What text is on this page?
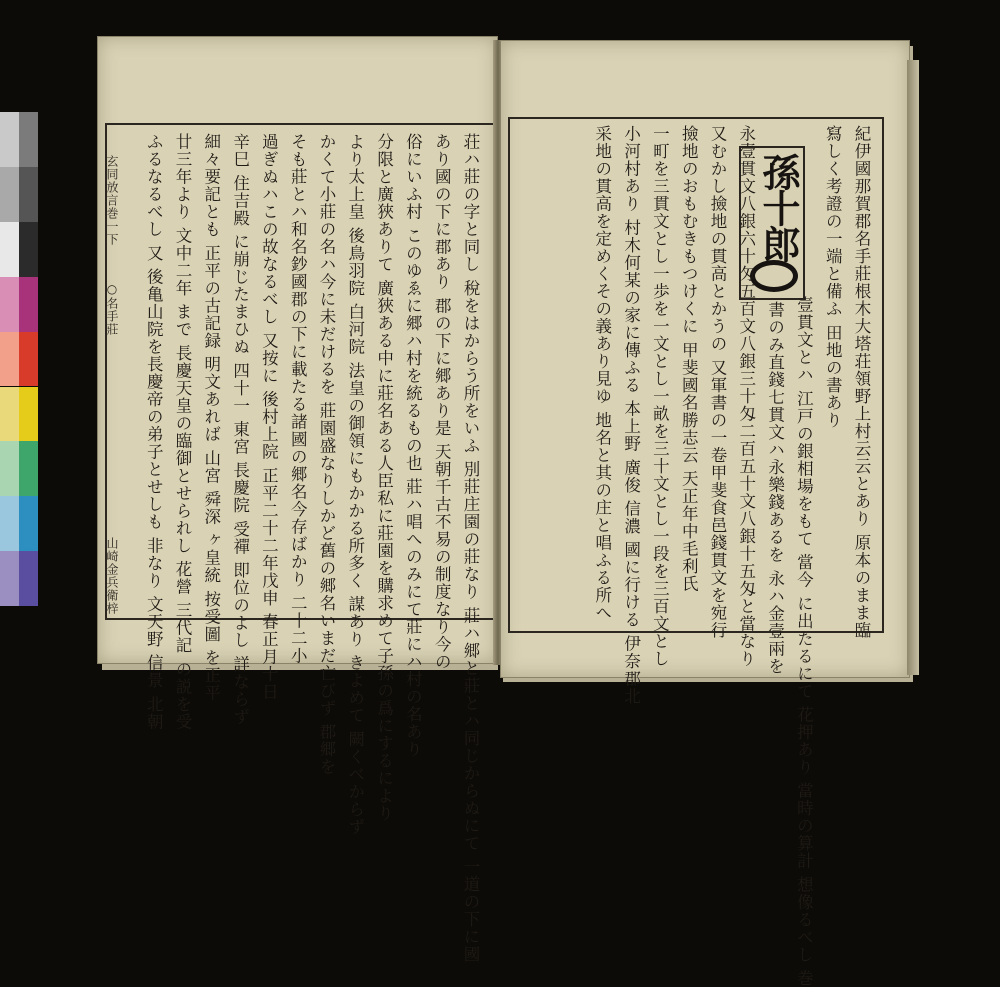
玄同放言巻一下
○名手莊
山崎金兵衛梓	荘ハ莊の字と同し 稅をはからう所をいふ 別莊庄園の莊なり 莊ハ郷と莊とハ同じからぬにて 一道の下に國
あり國の下に郡あり 郡の下に郷あり是 天朝千古不易の制度なり今の
俗にいふ村 このゆゑに郷ハ村を統るもの也 莊ハ唱へのみにて莊にハ村の名あり
分限と廣狹ありて 廣狹ある中に莊名ある人臣私に莊園を購求めて子孫の爲にするにより
より太上皇 後鳥羽院 白河院 法皇の御領にもかかる所多く 謀あり きよめて 闕くべからず
かくて小莊の名ハ今に未だけるを 莊園盛なりしかど舊の郷名いまだ亡びず 郡郷を
そも莊とハ和名鈔國郡の下に載たる諸國の郷名今存ばかり 二十二小
過ぎぬハこの故なるべし 又按に 後村上院 正平二十二年戊申 春正月十日
辛巳 住吉殿 に崩じたまひぬ 四十一 東宮 長慶院 受禪 即位のよし 詳ならず
細々要記とも 正平の古記録 明文あれば 山宮 舜深 ヶ皇統 按受圖 を正平
廿三年より 文中二年 まで 長慶天皇の臨御とせられし 花營 三代記 の説を受
ふるなるべし 又 後亀山院を長慶帝の弟子とせしも 非なり 文天野 信景 北朝	孫十郎	紀伊國那賀郡名手莊根木大塔荘領野上村云云とあり 原本のまま臨
寫しく考證の一端と備ふ 田地の書あり
永壹貫文八銀六十匁五百文八銀三十匁二百五十文八銀十五匁と當なり
又むかし撿地の貫高とかうの 又軍書の一卷甲斐食邑錢貫文を宛行
撿地のおもむきもつけくに 甲斐國名勝志云 天正年中毛利氏
一町を三貫文とし一歩を一文とし一畝を三十文とし一段を三百文とし
小河村あり 村木何某の家に傳ふる 本上野 廣俊 信濃 國に行ける 伊奈郡北
采地の貫高を定めくその義あり見ゆ 地名と其の庄と唱ふる所へ	壹貫文とハ 江戸の銀相場をもて 當今 に出たるにて 花押あり 當時の算計 想像るべし 巻
書のみ直錢七貫文ハ永樂錢あるを 永ハ金壹兩を
